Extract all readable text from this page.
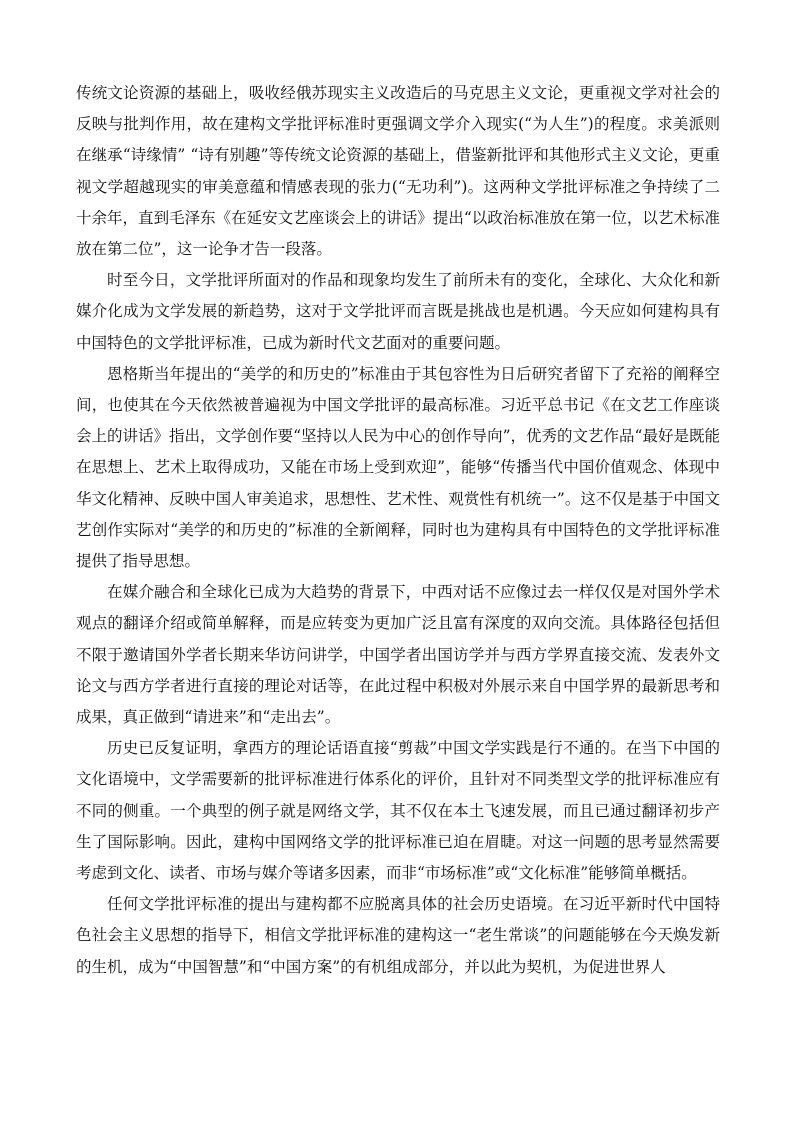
传统文论资源的基础上，吸收经俄苏现实主义改造后的马克思主义文论，更重视文学对社会的反映与批判作用，故在建构文学批评标准时更强调文学介入现实(“为人生”)的程度。求美派则在继承“诗缘情” “诗有别趣”等传统文论资源的基础上，借鉴新批评和其他形式主义文论，更重视文学超越现实的审美意蕴和情感表现的张力(“无功利”)。这两种文学批评标准之争持续了二十余年，直到毛泽东《在延安文艺座谈会上的讲话》提出“以政治标准放在第一位，以艺术标准放在第二位”，这一论争才告一段落。

时至今日，文学批评所面对的作品和现象均发生了前所未有的变化，全球化、大众化和新媒介化成为文学发展的新趋势，这对于文学批评而言既是挑战也是机遇。今天应如何建构具有中国特色的文学批评标准，已成为新时代文艺面对的重要问题。

恩格斯当年提出的“美学的和历史的”标准由于其包容性为日后研究者留下了充裕的阐释空间，也使其在今天依然被普遍视为中国文学批评的最高标准。习近平总书记《在文艺工作座谈会上的讲话》指出，文学创作要“坚持以人民为中心的创作导向”，优秀的文艺作品“最好是既能在思想上、艺术上取得成功，又能在市场上受到欢迎”，能够“传播当代中国价值观念、体现中华文化精神、反映中国人审美追求，思想性、艺术性、观赏性有机统一”。这不仅是基于中国文艺创作实际对“美学的和历史的”标准的全新阐释，同时也为建构具有中国特色的文学批评标准提供了指导思想。

在媒介融合和全球化已成为大趋势的背景下，中西对话不应像过去一样仅仅是对国外学术观点的翻译介绍或简单解释，而是应转变为更加广泛且富有深度的双向交流。具体路径包括但不限于邀请国外学者长期来华访问讲学，中国学者出国访学并与西方学界直接交流、发表外文论文与西方学者进行直接的理论对话等，在此过程中积极对外展示来自中国学界的最新思考和成果，真正做到“请进来”和“走出去”。

历史已反复证明，拿西方的理论话语直接“剪裁”中国文学实践是行不通的。在当下中国的文化语境中，文学需要新的批评标准进行体系化的评价，且针对不同类型文学的批评标准应有不同的侧重。一个典型的例子就是网络文学，其不仅在本土飞速发展，而且已通过翻译初步产生了国际影响。因此，建构中国网络文学的批评标准已迫在眉睫。对这一问题的思考显然需要考虑到文化、读者、市场与媒介等诸多因素，而非“市场标准”或“文化标准”能够简单概括。

任何文学批评标准的提出与建构都不应脱离具体的社会历史语境。在习近平新时代中国特色社会主义思想的指导下，相信文学批评标准的建构这一“老生常谈”的问题能够在今天焕发新的生机，成为“中国智慧”和“中国方案”的有机组成部分，并以此为契机，为促进世界人
